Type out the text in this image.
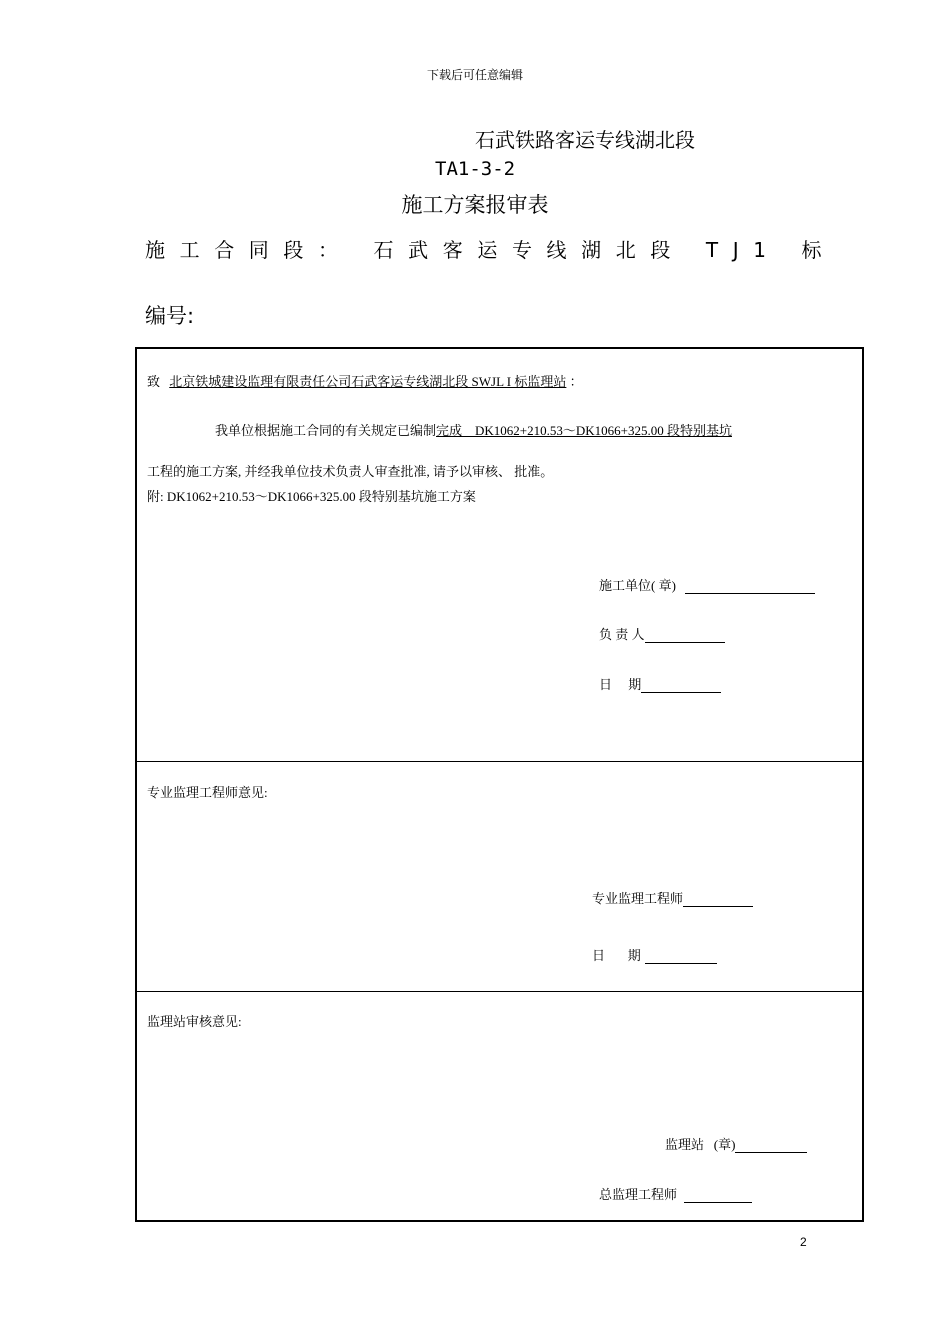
下载后可任意编辑
石武铁路客运专线湖北段
TA1-3-2
施工方案报审表
施工合同段： 石武客运专线湖北段 TJ1 标
编号:
致 北京铁城建设监理有限责任公司石武客运专线湖北段 SWJL I 标监理站 ：
我单位根据施工合同的有关规定已编制完成    DK1062+210.53～DK1066+325.00 段特别基坑
工程的施工方案, 并经我单位技术负责人审查批准, 请予以审核、 批准。
附: DK1062+210.53～DK1066+325.00 段特别基坑施工方案
施工单位( 章)
负 责 人
日     期
专业监理工程师意见:
专业监理工程师
日       期
监理站审核意见:
监理站   (章)
总监理工程师
2
